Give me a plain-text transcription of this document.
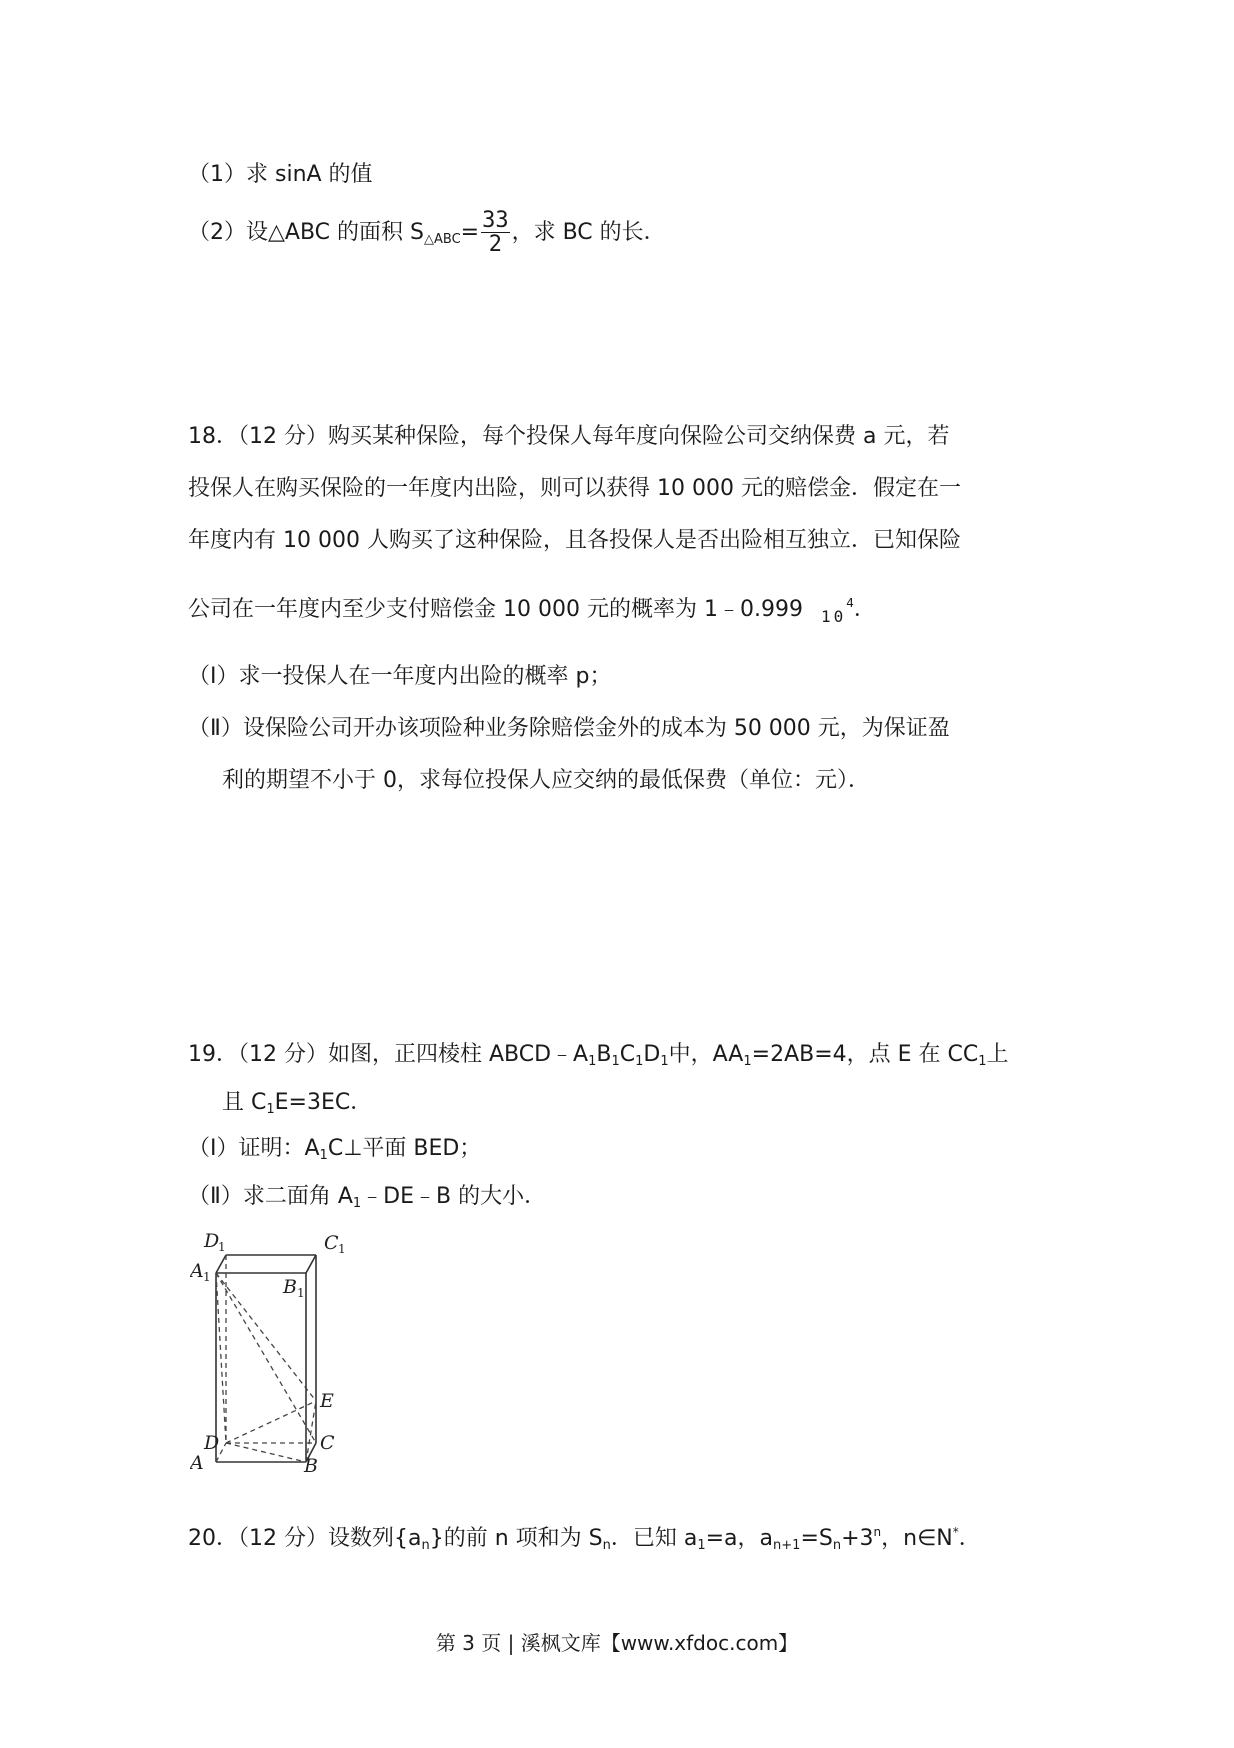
（1）求 sinA 的值
（2）设△ABC 的面积 $S_{\triangle ABC}= \frac{33}{2}$ ，求 BC 的长．
18．（12 分）购买某种保险，每个投保人每年度向保险公司交纳保费 a 元，若
投保人在购买保险的一年度内出险，则可以获得 10 000 元的赔偿金．假定在一
年度内有 10 000 人购买了这种保险，且各投保人是否出险相互独立．已知保险
公司在一年度内至少支付赔偿金 10 000 元的概率为 1﹣0.999 $_{10}^4$．
（Ⅰ）求一投保人在一年度内出险的概率 p；
（Ⅱ）设保险公司开办该项险种业务除赔偿金外的成本为 50 000 元，为保证盈
利的期望不小于 0，求每位投保人应交纳的最低保费（单位：元）．
19．（12 分）如图，正四棱柱 $ABCD﹣A_1B_1C_1D_1$中，$AA_1=2AB=4$，点 E 在 $CC_1$上
且 $C_1E=3EC$．
（Ⅰ）证明：$A_1C\perp$平面 BED；
（Ⅱ）求二面角 $A_1﹣DE﹣B$ 的大小．
D
1	C 1
A 1	B 1
E
D	C
A	B
20．（12 分）设数列$\{a_n\}$的前 n 项和为 $S_n$．已知 $a_1=a$，$a_{n+1}=S_n+3^n$，n∈N*．
第 3 页 | 溪枫文库【www.xfdoc.com】
